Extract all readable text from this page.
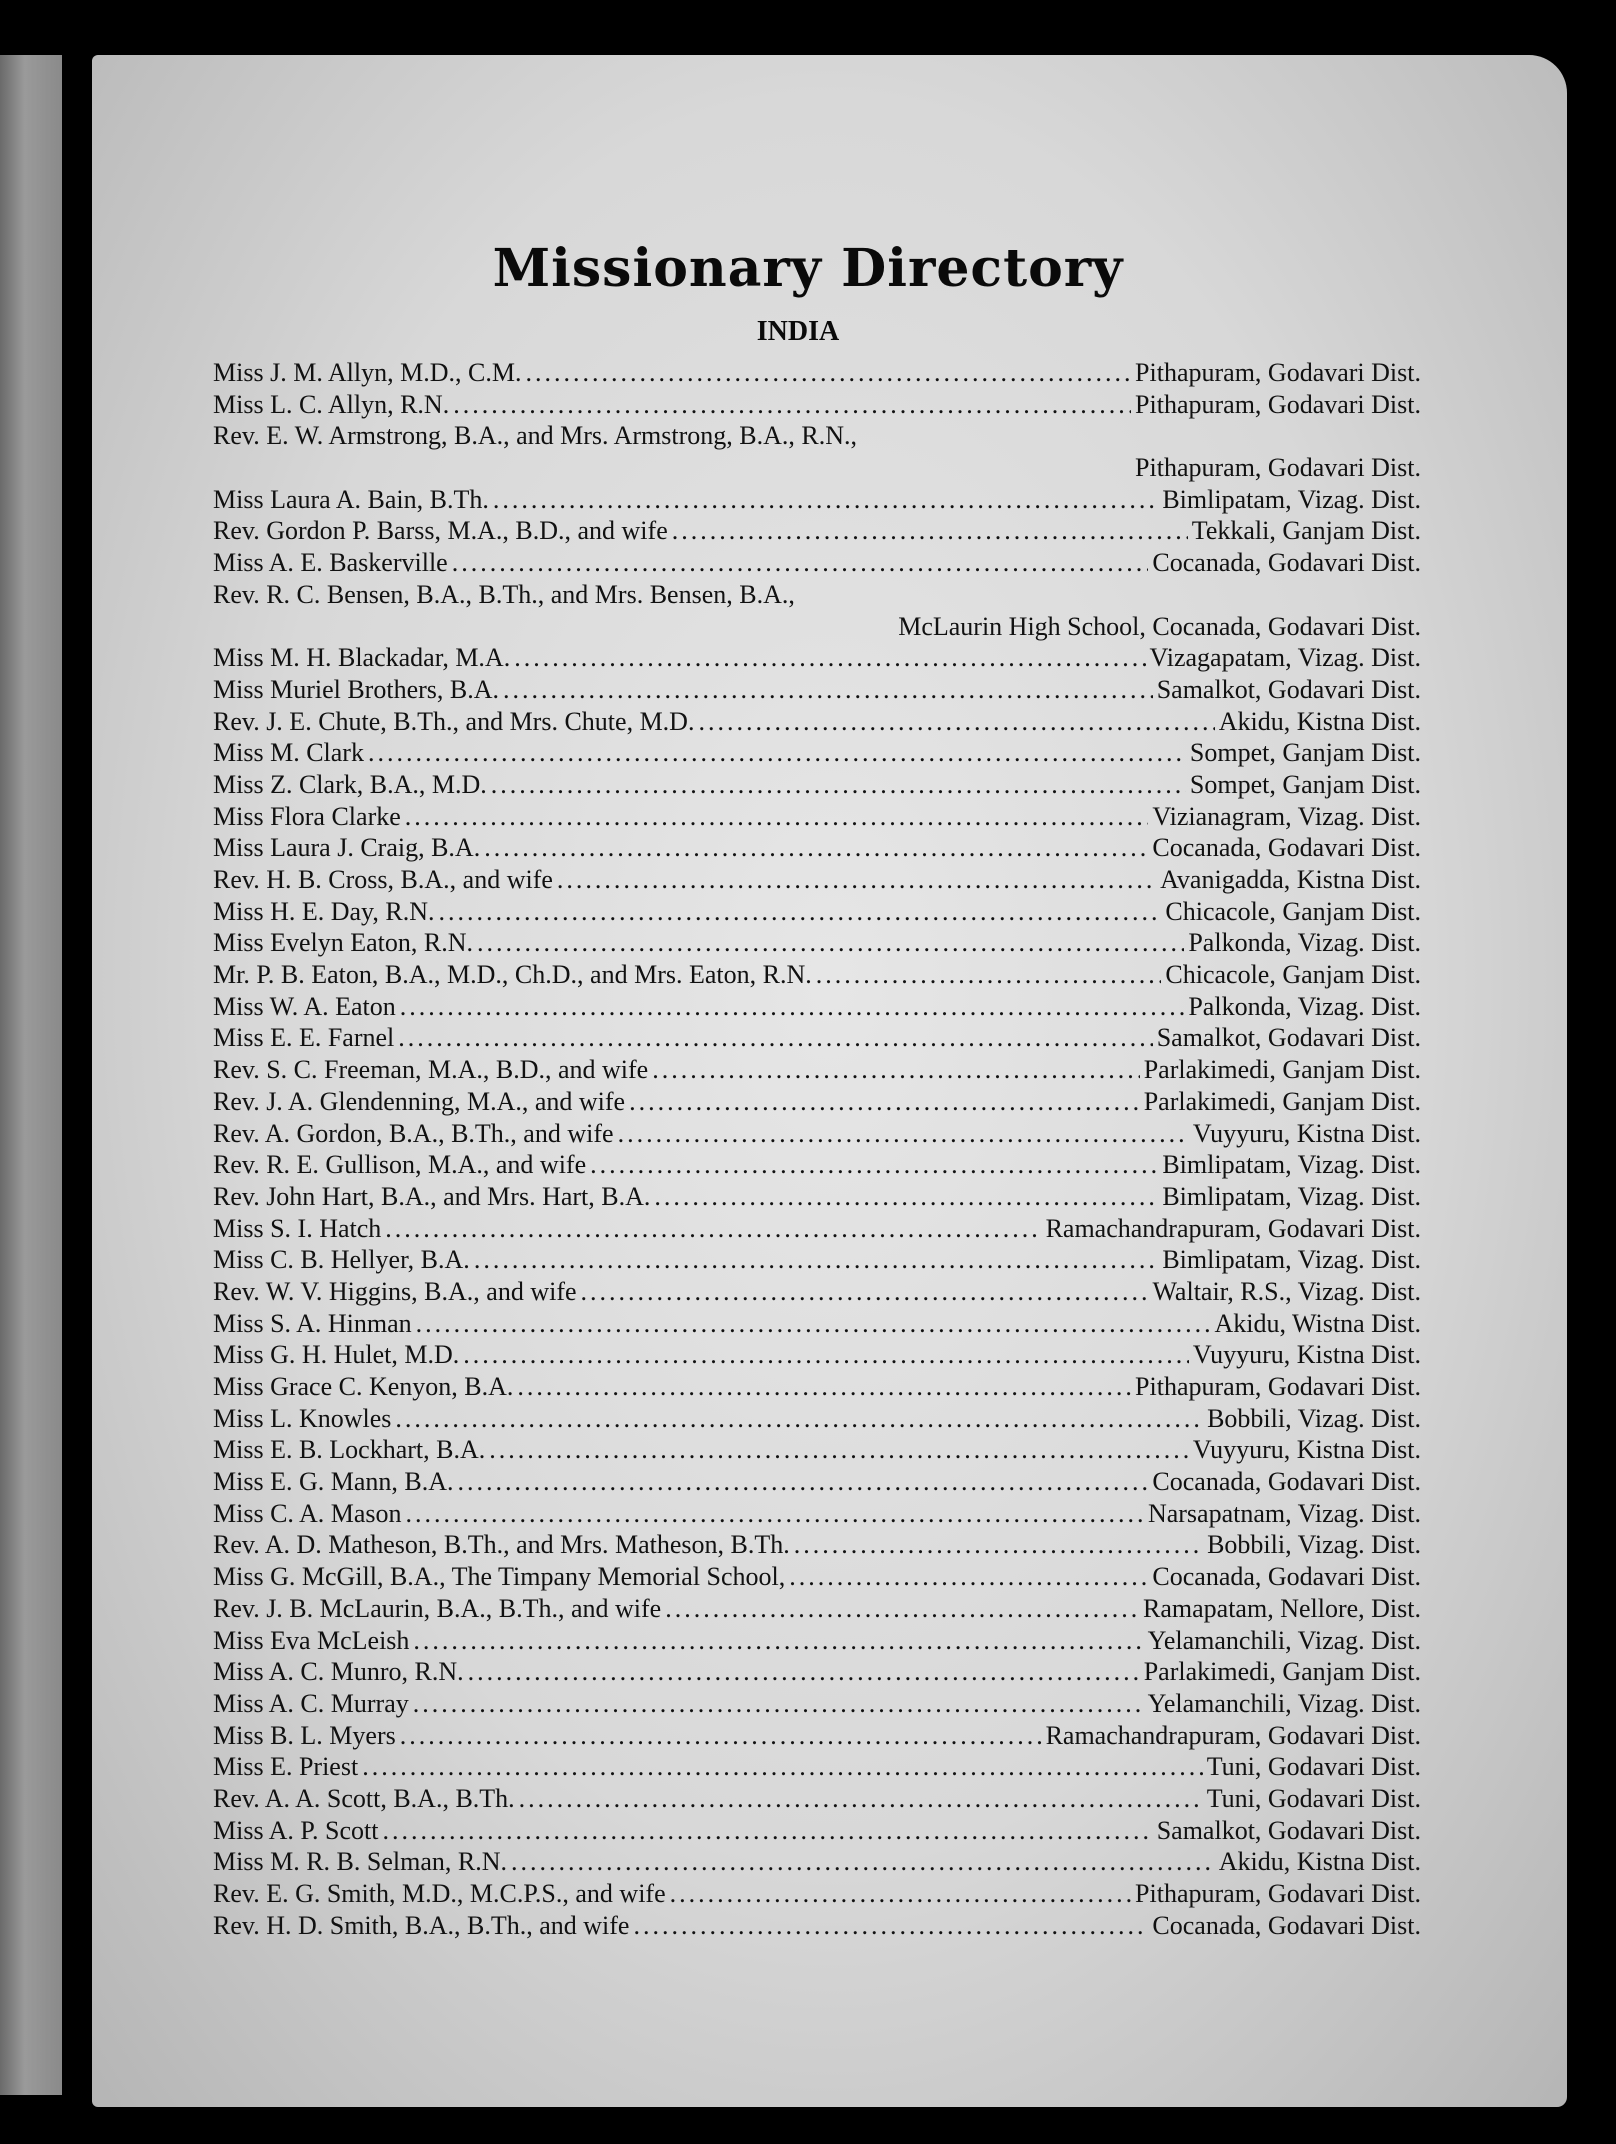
Missionary Directory
INDIA
Miss J. M. Allyn, M.D., C.M. .....	Pithapuram, Godavari Dist.
Miss L. C. Allyn, R.N. .....	Pithapuram, Godavari Dist.
Rev. E. W. Armstrong, B.A., and Mrs. Armstrong, B.A., R.N.,
Pithapuram, Godavari Dist.
Miss Laura A. Bain, B.Th. .....	Bimlipatam, Vizag. Dist.
Rev. Gordon P. Barss, M.A., B.D., and wife .....	Tekkali, Ganjam Dist.
Miss A. E. Baskerville .....	Cocanada, Godavari Dist.
Rev. R. C. Bensen, B.A., B.Th., and Mrs. Bensen, B.A.,
McLaurin High School, Cocanada, Godavari Dist.
Miss M. H. Blackadar, M.A. .....	Vizagapatam, Vizag. Dist.
Miss Muriel Brothers, B.A. .....	Samalkot, Godavari Dist.
Rev. J. E. Chute, B.Th., and Mrs. Chute, M.D. .....	Akidu, Kistna Dist.
Miss M. Clark .....	Sompet, Ganjam Dist.
Miss Z. Clark, B.A., M.D. .....	Sompet, Ganjam Dist.
Miss Flora Clarke .....	Vizianagram, Vizag. Dist.
Miss Laura J. Craig, B.A. .....	Cocanada, Godavari Dist.
Rev. H. B. Cross, B.A., and wife .....	Avanigadda, Kistna Dist.
Miss H. E. Day, R.N. .....	Chicacole, Ganjam Dist.
Miss Evelyn Eaton, R.N. .....	Palkonda, Vizag. Dist.
Mr. P. B. Eaton, B.A., M.D., Ch.D., and Mrs. Eaton, R.N. .....	Chicacole, Ganjam Dist.
Miss W. A. Eaton .....	Palkonda, Vizag. Dist.
Miss E. E. Farnel .....	Samalkot, Godavari Dist.
Rev. S. C. Freeman, M.A., B.D., and wife .....	Parlakimedi, Ganjam Dist.
Rev. J. A. Glendenning, M.A., and wife .....	Parlakimedi, Ganjam Dist.
Rev. A. Gordon, B.A., B.Th., and wife .....	Vuyyuru, Kistna Dist.
Rev. R. E. Gullison, M.A., and wife .....	Bimlipatam, Vizag. Dist.
Rev. John Hart, B.A., and Mrs. Hart, B.A. .....	Bimlipatam, Vizag. Dist.
Miss S. I. Hatch .....	Ramachandrapuram, Godavari Dist.
Miss C. B. Hellyer, B.A. .....	Bimlipatam, Vizag. Dist.
Rev. W. V. Higgins, B.A., and wife .....	Waltair, R.S., Vizag. Dist.
Miss S. A. Hinman .....	Akidu, Wistna Dist.
Miss G. H. Hulet, M.D. .....	Vuyyuru, Kistna Dist.
Miss Grace C. Kenyon, B.A. .....	Pithapuram, Godavari Dist.
Miss L. Knowles .....	Bobbili, Vizag. Dist.
Miss E. B. Lockhart, B.A. .....	Vuyyuru, Kistna Dist.
Miss E. G. Mann, B.A. .....	Cocanada, Godavari Dist.
Miss C. A. Mason .....	Narsapatnam, Vizag. Dist.
Rev. A. D. Matheson, B.Th., and Mrs. Matheson, B.Th. .....	Bobbili, Vizag. Dist.
Miss G. McGill, B.A., The Timpany Memorial School, .....	Cocanada, Godavari Dist.
Rev. J. B. McLaurin, B.A., B.Th., and wife .....	Ramapatam, Nellore, Dist.
Miss Eva McLeish .....	Yelamanchili, Vizag. Dist.
Miss A. C. Munro, R.N. .....	Parlakimedi, Ganjam Dist.
Miss A. C. Murray .....	Yelamanchili, Vizag. Dist.
Miss B. L. Myers .....	Ramachandrapuram, Godavari Dist.
Miss E. Priest .....	Tuni, Godavari Dist.
Rev. A. A. Scott, B.A., B.Th. .....	Tuni, Godavari Dist.
Miss A. P. Scott .....	Samalkot, Godavari Dist.
Miss M. R. B. Selman, R.N. .....	Akidu, Kistna Dist.
Rev. E. G. Smith, M.D., M.C.P.S., and wife .....	Pithapuram, Godavari Dist.
Rev. H. D. Smith, B.A., B.Th., and wife .....	Cocanada, Godavari Dist.
